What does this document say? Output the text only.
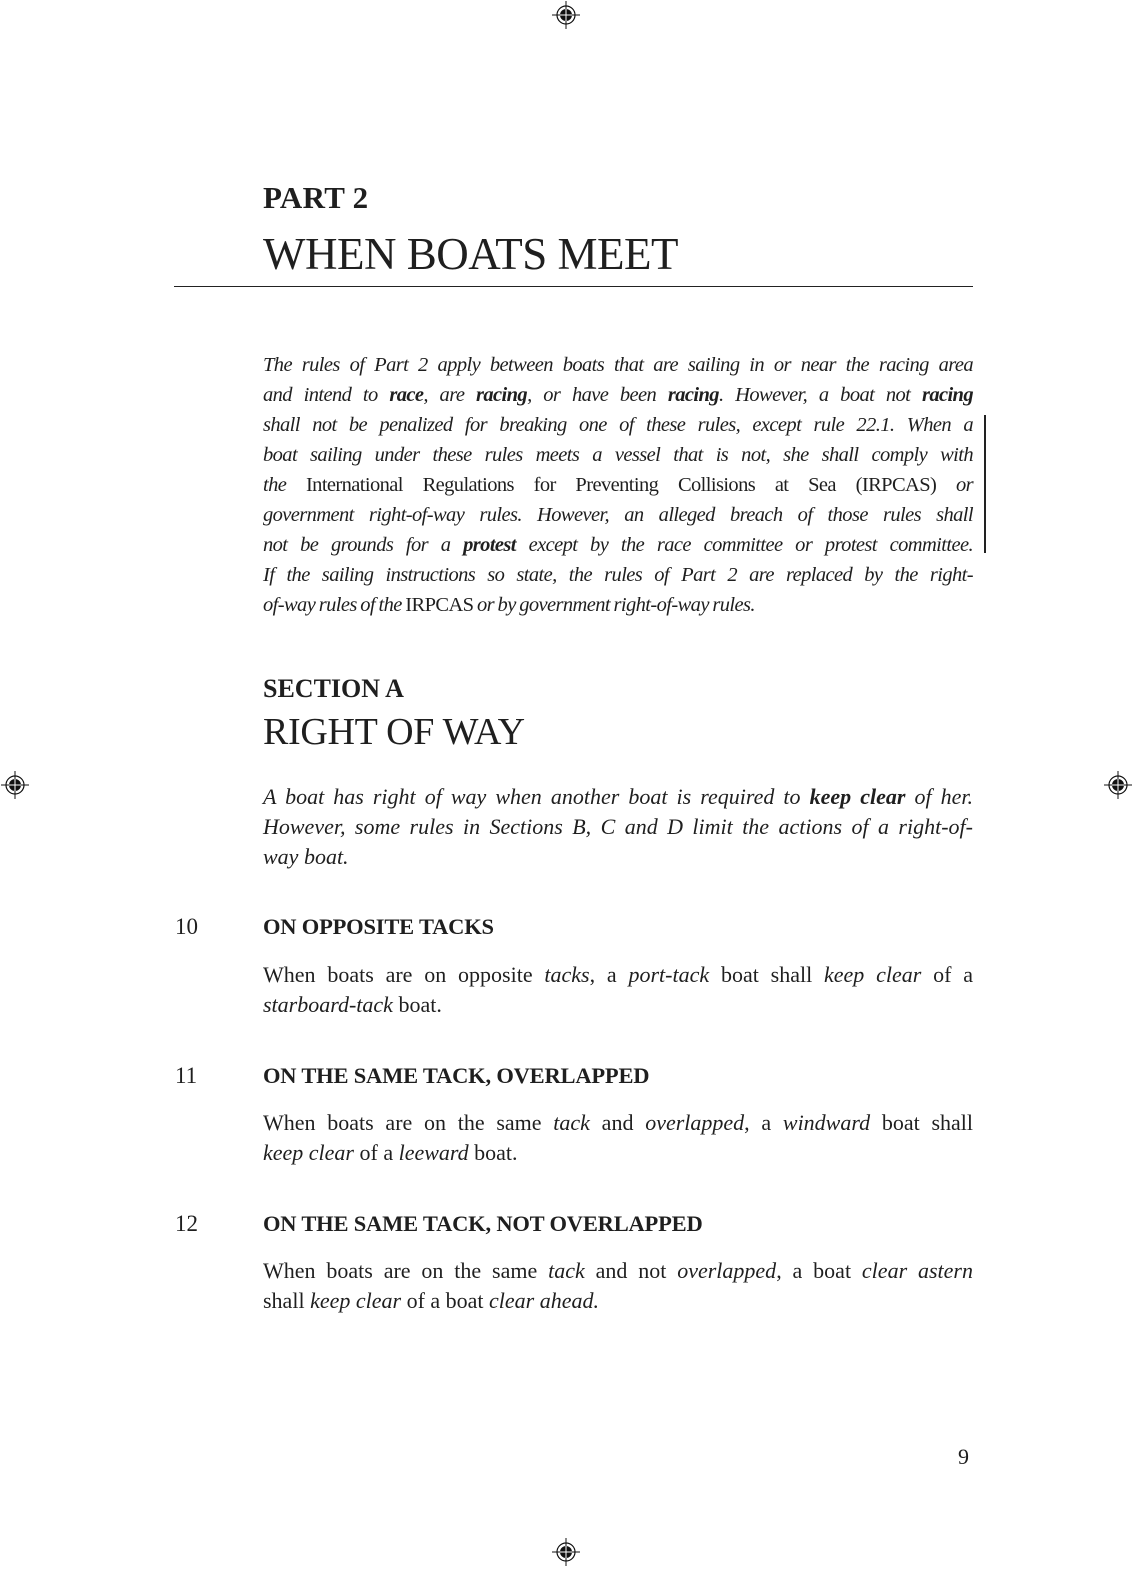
PART 2
WHEN BOATS MEET
The rules of Part 2 apply between boats that are sailing in or near the racing area
and intend to race, are racing, or have been racing. However, a boat not racing
shall not be penalized for breaking one of these rules, except rule 22.1. When a
boat sailing under these rules meets a vessel that is not, she shall comply with
the International Regulations for Preventing Collisions at Sea (IRPCAS) or
government right-of-way rules. However, an alleged breach of those rules shall
not be grounds for a protest except by the race committee or protest committee.
If the sailing instructions so state, the rules of Part 2 are replaced by the right-
of-way rules of the IRPCAS or by government right-of-way rules.
SECTION A
RIGHT OF WAY
A boat has right of way when another boat is required to keep clear of her.
However, some rules in Sections B, C and D limit the actions of a right-of-
way boat.
10	ON OPPOSITE TACKS
When boats are on opposite tacks, a port-tack boat shall keep clear of a
starboard-tack boat.
11	ON THE SAME TACK, OVERLAPPED
When boats are on the same tack and overlapped, a windward boat shall
keep clear of a leeward boat.
12	ON THE SAME TACK, NOT OVERLAPPED
When boats are on the same tack and not overlapped, a boat clear astern
shall keep clear of a boat clear ahead.
9
